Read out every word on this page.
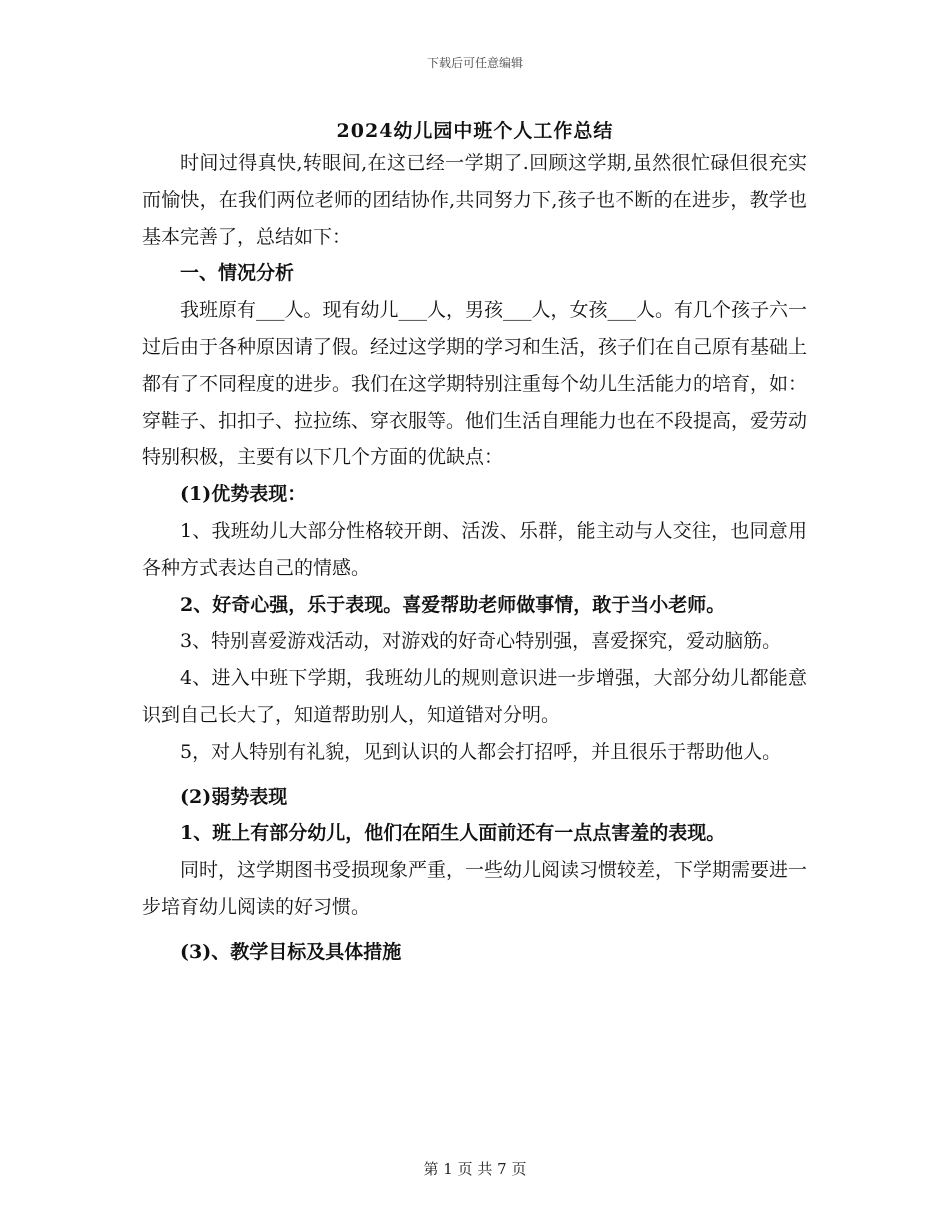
下载后可任意编辑
2024幼儿园中班个人工作总结

时间过得真快,转眼间,在这已经一学期了.回顾这学期,虽然很忙碌但很充实而愉快，在我们两位老师的团结协作,共同努力下,孩子也不断的在进步，教学也基本完善了，总结如下：

一、情况分析

我班原有___人。现有幼儿___人，男孩___人，女孩___人。有几个孩子六一过后由于各种原因请了假。经过这学期的学习和生活，孩子们在自己原有基础上都有了不同程度的进步。我们在这学期特别注重每个幼儿生活能力的培育，如：穿鞋子、扣扣子、拉拉练、穿衣服等。他们生活自理能力也在不段提高，爱劳动特别积极，主要有以下几个方面的优缺点：

(1)优势表现：

1、我班幼儿大部分性格较开朗、活泼、乐群，能主动与人交往，也同意用各种方式表达自己的情感。

2、好奇心强，乐于表现。喜爱帮助老师做事情，敢于当小老师。

3、特别喜爱游戏活动，对游戏的好奇心特别强，喜爱探究，爱动脑筋。

4、进入中班下学期，我班幼儿的规则意识进一步增强，大部分幼儿都能意识到自己长大了，知道帮助别人，知道错对分明。

5，对人特别有礼貌，见到认识的人都会打招呼，并且很乐于帮助他人。

(2)弱势表现

1、班上有部分幼儿，他们在陌生人面前还有一点点害羞的表现。

同时，这学期图书受损现象严重，一些幼儿阅读习惯较差，下学期需要进一步培育幼儿阅读的好习惯。

(3)、教学目标及具体措施

第 1 页 共 7 页
